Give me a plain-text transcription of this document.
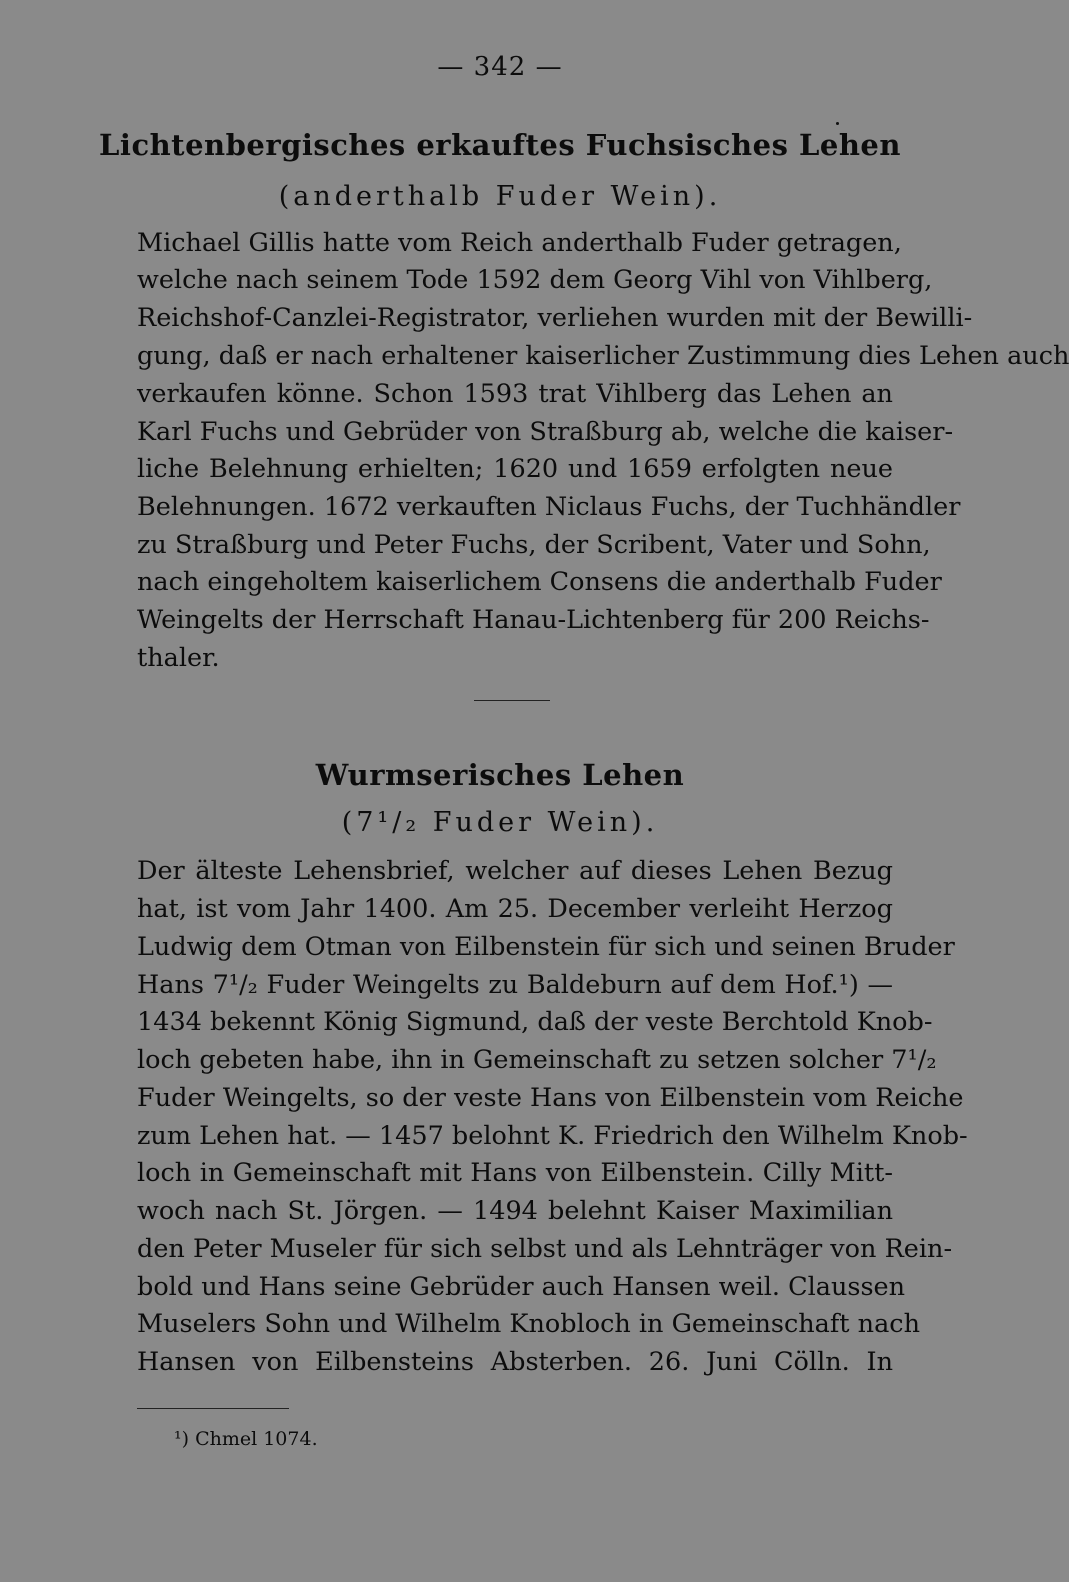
— 342 —
Lichtenbergisches erkauftes Fuchsisches Lehen
(anderthalb Fuder Wein).
Michael Gillis hatte vom Reich anderthalb Fuder getragen,
welche nach seinem Tode 1592 dem Georg Vihl von Vihlberg,
Reichshof-Canzlei-Registrator, verliehen wurden mit der Bewilli-
gung, daß er nach erhaltener kaiserlicher Zustimmung dies Lehen auch
verkaufen könne. Schon 1593 trat Vihlberg das Lehen an
Karl Fuchs und Gebrüder von Straßburg ab, welche die kaiser-
liche Belehnung erhielten; 1620 und 1659 erfolgten neue
Belehnungen. 1672 verkauften Niclaus Fuchs, der Tuchhändler
zu Straßburg und Peter Fuchs, der Scribent, Vater und Sohn,
nach eingeholtem kaiserlichem Consens die anderthalb Fuder
Weingelts der Herrschaft Hanau-Lichtenberg für 200 Reichs-
thaler.
Wurmserisches Lehen
(7¹/₂ Fuder Wein).
Der älteste Lehensbrief, welcher auf dieses Lehen Bezug
hat, ist vom Jahr 1400. Am 25. December verleiht Herzog
Ludwig dem Otman von Eilbenstein für sich und seinen Bruder
Hans 7¹/₂ Fuder Weingelts zu Baldeburn auf dem Hof.¹) —
1434 bekennt König Sigmund, daß der veste Berchtold Knob-
loch gebeten habe, ihn in Gemeinschaft zu setzen solcher 7¹/₂
Fuder Weingelts, so der veste Hans von Eilbenstein vom Reiche
zum Lehen hat. — 1457 belohnt K. Friedrich den Wilhelm Knob-
loch in Gemeinschaft mit Hans von Eilbenstein. Cilly Mitt-
woch nach St. Jörgen. — 1494 belehnt Kaiser Maximilian
den Peter Museler für sich selbst und als Lehnträger von Rein-
bold und Hans seine Gebrüder auch Hansen weil. Claussen
Muselers Sohn und Wilhelm Knobloch in Gemeinschaft nach
Hansen von Eilbensteins Absterben. 26. Juni Cölln. In
¹) Chmel 1074.
